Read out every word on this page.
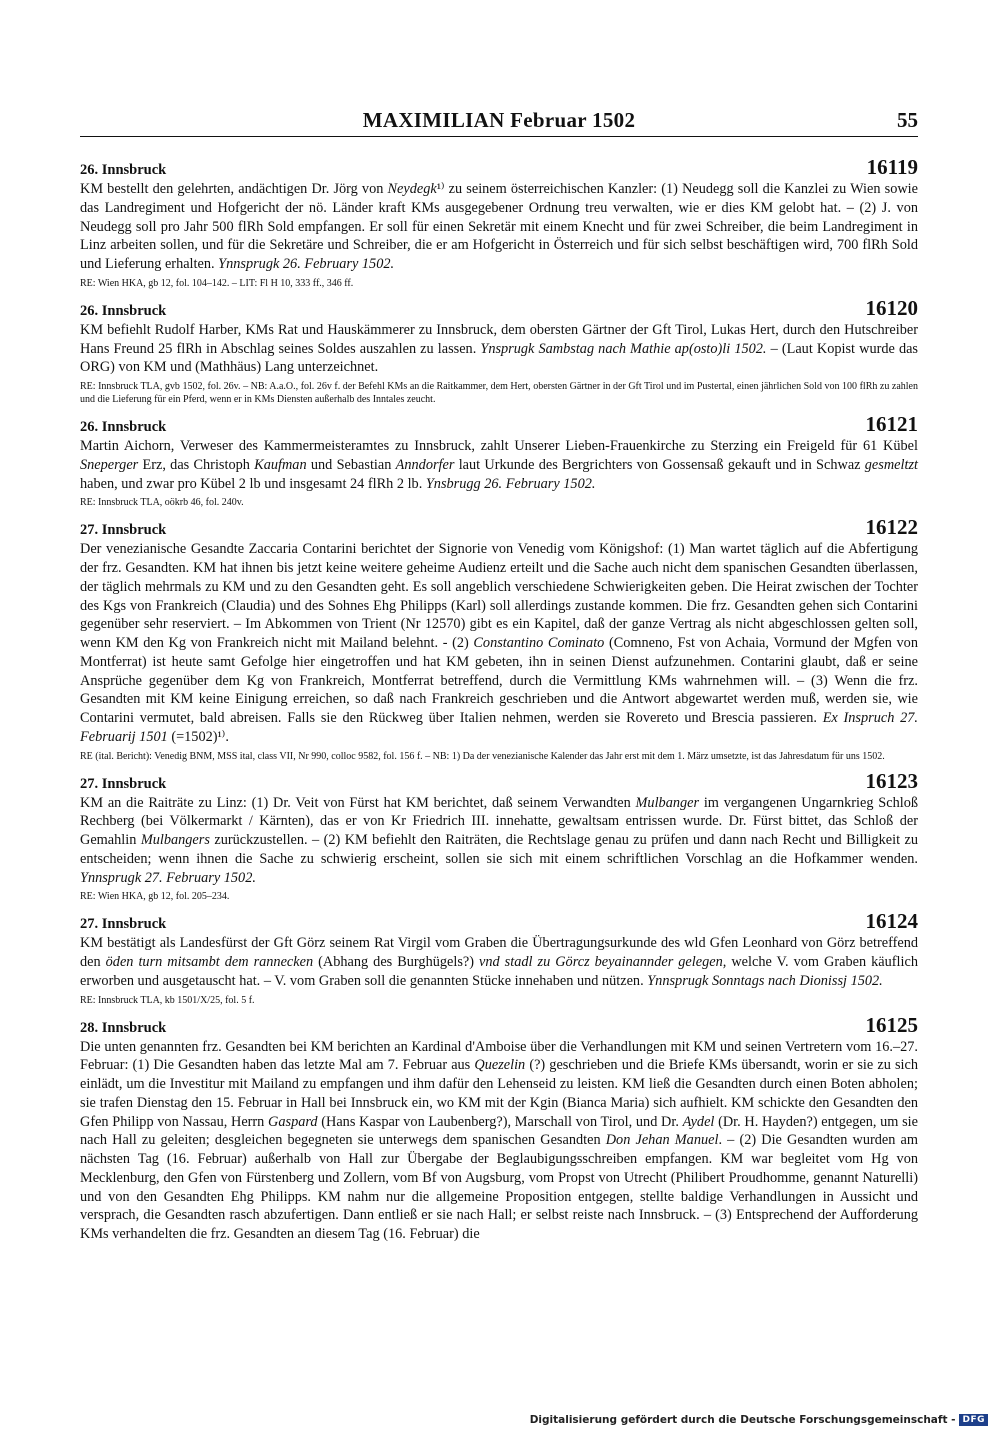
MAXIMILIAN Februar 1502	55
26. Innsbruck	16119
KM bestellt den gelehrten, andächtigen Dr. Jörg von Neydegk¹⁾ zu seinem österreichischen Kanzler: (1) Neudegg soll die Kanzlei zu Wien sowie das Landregiment und Hofgericht der nö. Länder kraft KMs ausgegebener Ordnung treu verwalten, wie er dies KM gelobt hat. – (2) J. von Neudegg soll pro Jahr 500 flRh Sold empfangen. Er soll für einen Sekretär mit einem Knecht und für zwei Schreiber, die beim Landregiment in Linz arbeiten sollen, und für die Sekretäre und Schreiber, die er am Hofgericht in Österreich und für sich selbst beschäftigen wird, 700 flRh Sold und Lieferung erhalten. Ynnsprugk 26. February 1502.
RE: Wien HKA, gb 12, fol. 104–142. – LIT: Fl H 10, 333 ff., 346 ff.
26. Innsbruck	16120
KM befiehlt Rudolf Harber, KMs Rat und Hauskämmerer zu Innsbruck, dem obersten Gärtner der Gft Tirol, Lukas Hert, durch den Hutschreiber Hans Freund 25 flRh in Abschlag seines Soldes auszahlen zu lassen. Ynsprugk Sambstag nach Mathie ap(osto)li 1502. – (Laut Kopist wurde das ORG) von KM und (Mathhäus) Lang unterzeichnet.
RE: Innsbruck TLA, gvb 1502, fol. 26v. – NB: A.a.O., fol. 26v f. der Befehl KMs an die Raitkammer, dem Hert, obersten Gärtner in der Gft Tirol und im Pustertal, einen jährlichen Sold von 100 flRh zu zahlen und die Lieferung für ein Pferd, wenn er in KMs Diensten außerhalb des Inntales zeucht.
26. Innsbruck	16121
Martin Aichorn, Verweser des Kammermeisteramtes zu Innsbruck, zahlt Unserer Lieben-Frauenkirche zu Sterzing ein Freigeld für 61 Kübel Sneperger Erz, das Christoph Kaufman und Sebastian Anndorfer laut Urkunde des Bergrichters von Gossensaß gekauft und in Schwaz gesmeltzt haben, und zwar pro Kübel 2 lb und insgesamt 24 flRh 2 lb. Ynsbrugg 26. February 1502.
RE: Innsbruck TLA, oökrb 46, fol. 240v.
27. Innsbruck	16122
Der venezianische Gesandte Zaccaria Contarini berichtet der Signorie von Venedig vom Königshof: (1) Man wartet täglich auf die Abfertigung der frz. Gesandten. KM hat ihnen bis jetzt keine weitere geheime Audienz erteilt und die Sache auch nicht dem spanischen Gesandten überlassen, der täglich mehrmals zu KM und zu den Gesandten geht. Es soll angeblich verschiedene Schwierigkeiten geben. Die Heirat zwischen der Tochter des Kgs von Frankreich (Claudia) und des Sohnes Ehg Philipps (Karl) soll allerdings zustande kommen. Die frz. Gesandten gehen sich Contarini gegenüber sehr reserviert. – Im Abkommen von Trient (Nr 12570) gibt es ein Kapitel, daß der ganze Vertrag als nicht abgeschlossen gelten soll, wenn KM den Kg von Frankreich nicht mit Mailand belehnt. - (2) Constantino Cominato (Comneno, Fst von Achaia, Vormund der Mgfen von Montferrat) ist heute samt Gefolge hier eingetroffen und hat KM gebeten, ihn in seinen Dienst aufzunehmen. Contarini glaubt, daß er seine Ansprüche gegenüber dem Kg von Frankreich, Montferrat betreffend, durch die Vermittlung KMs wahrnehmen will. – (3) Wenn die frz. Gesandten mit KM keine Einigung erreichen, so daß nach Frankreich geschrieben und die Antwort abgewartet werden muß, werden sie, wie Contarini vermutet, bald abreisen. Falls sie den Rückweg über Italien nehmen, werden sie Rovereto und Brescia passieren. Ex Inspruch 27. Februarij 1501 (=1502)¹⁾.
RE (ital. Bericht): Venedig BNM, MSS ital, class VII, Nr 990, colloc 9582, fol. 156 f. – NB: 1) Da der venezianische Kalender das Jahr erst mit dem 1. März umsetzte, ist das Jahresdatum für uns 1502.
27. Innsbruck	16123
KM an die Raiträte zu Linz: (1) Dr. Veit von Fürst hat KM berichtet, daß seinem Verwandten Mulbanger im vergangenen Ungarnkrieg Schloß Rechberg (bei Völkermarkt / Kärnten), das er von Kr Friedrich III. innehatte, gewaltsam entrissen wurde. Dr. Fürst bittet, das Schloß der Gemahlin Mulbangers zurückzustellen. – (2) KM befiehlt den Raiträten, die Rechtslage genau zu prüfen und dann nach Recht und Billigkeit zu entscheiden; wenn ihnen die Sache zu schwierig erscheint, sollen sie sich mit einem schriftlichen Vorschlag an die Hofkammer wenden. Ynnsprugk 27. February 1502.
RE: Wien HKA, gb 12, fol. 205–234.
27. Innsbruck	16124
KM bestätigt als Landesfürst der Gft Görz seinem Rat Virgil vom Graben die Übertragungsurkunde des wld Gfen Leonhard von Görz betreffend den öden turn mitsambt dem rannecken (Abhang des Burghügels?) vnd stadl zu Görcz beyainannder gelegen, welche V. vom Graben käuflich erworben und ausgetauscht hat. – V. vom Graben soll die genannten Stücke innehaben und nützen. Ynnsprugk Sonntags nach Dionissj 1502.
RE: Innsbruck TLA, kb 1501/X/25, fol. 5 f.
28. Innsbruck	16125
Die unten genannten frz. Gesandten bei KM berichten an Kardinal d'Amboise über die Verhandlungen mit KM und seinen Vertretern vom 16.–27. Februar: (1) Die Gesandten haben das letzte Mal am 7. Februar aus Quezelin (?) geschrieben und die Briefe KMs übersandt, worin er sie zu sich einlädt, um die Investitur mit Mailand zu empfangen und ihm dafür den Lehenseid zu leisten. KM ließ die Gesandten durch einen Boten abholen; sie trafen Dienstag den 15. Februar in Hall bei Innsbruck ein, wo KM mit der Kgin (Bianca Maria) sich aufhielt. KM schickte den Gesandten den Gfen Philipp von Nassau, Herrn Gaspard (Hans Kaspar von Laubenberg?), Marschall von Tirol, und Dr. Aydel (Dr. H. Hayden?) entgegen, um sie nach Hall zu geleiten; desgleichen begegneten sie unterwegs dem spanischen Gesandten Don Jehan Manuel. – (2) Die Gesandten wurden am nächsten Tag (16. Februar) außerhalb von Hall zur Übergabe der Beglaubigungsschreiben empfangen. KM war begleitet vom Hg von Mecklenburg, den Gfen von Fürstenberg und Zollern, vom Bf von Augsburg, vom Propst von Utrecht (Philibert Proudhomme, genannt Naturelli) und von den Gesandten Ehg Philipps. KM nahm nur die allgemeine Proposition entgegen, stellte baldige Verhandlungen in Aussicht und versprach, die Gesandten rasch abzufertigen. Dann entließ er sie nach Hall; er selbst reiste nach Innsbruck. – (3) Entsprechend der Aufforderung KMs verhandelten die frz. Gesandten an diesem Tag (16. Februar) die
Digitalisierung gefördert durch die Deutsche Forschungsgemeinschaft - DFG
